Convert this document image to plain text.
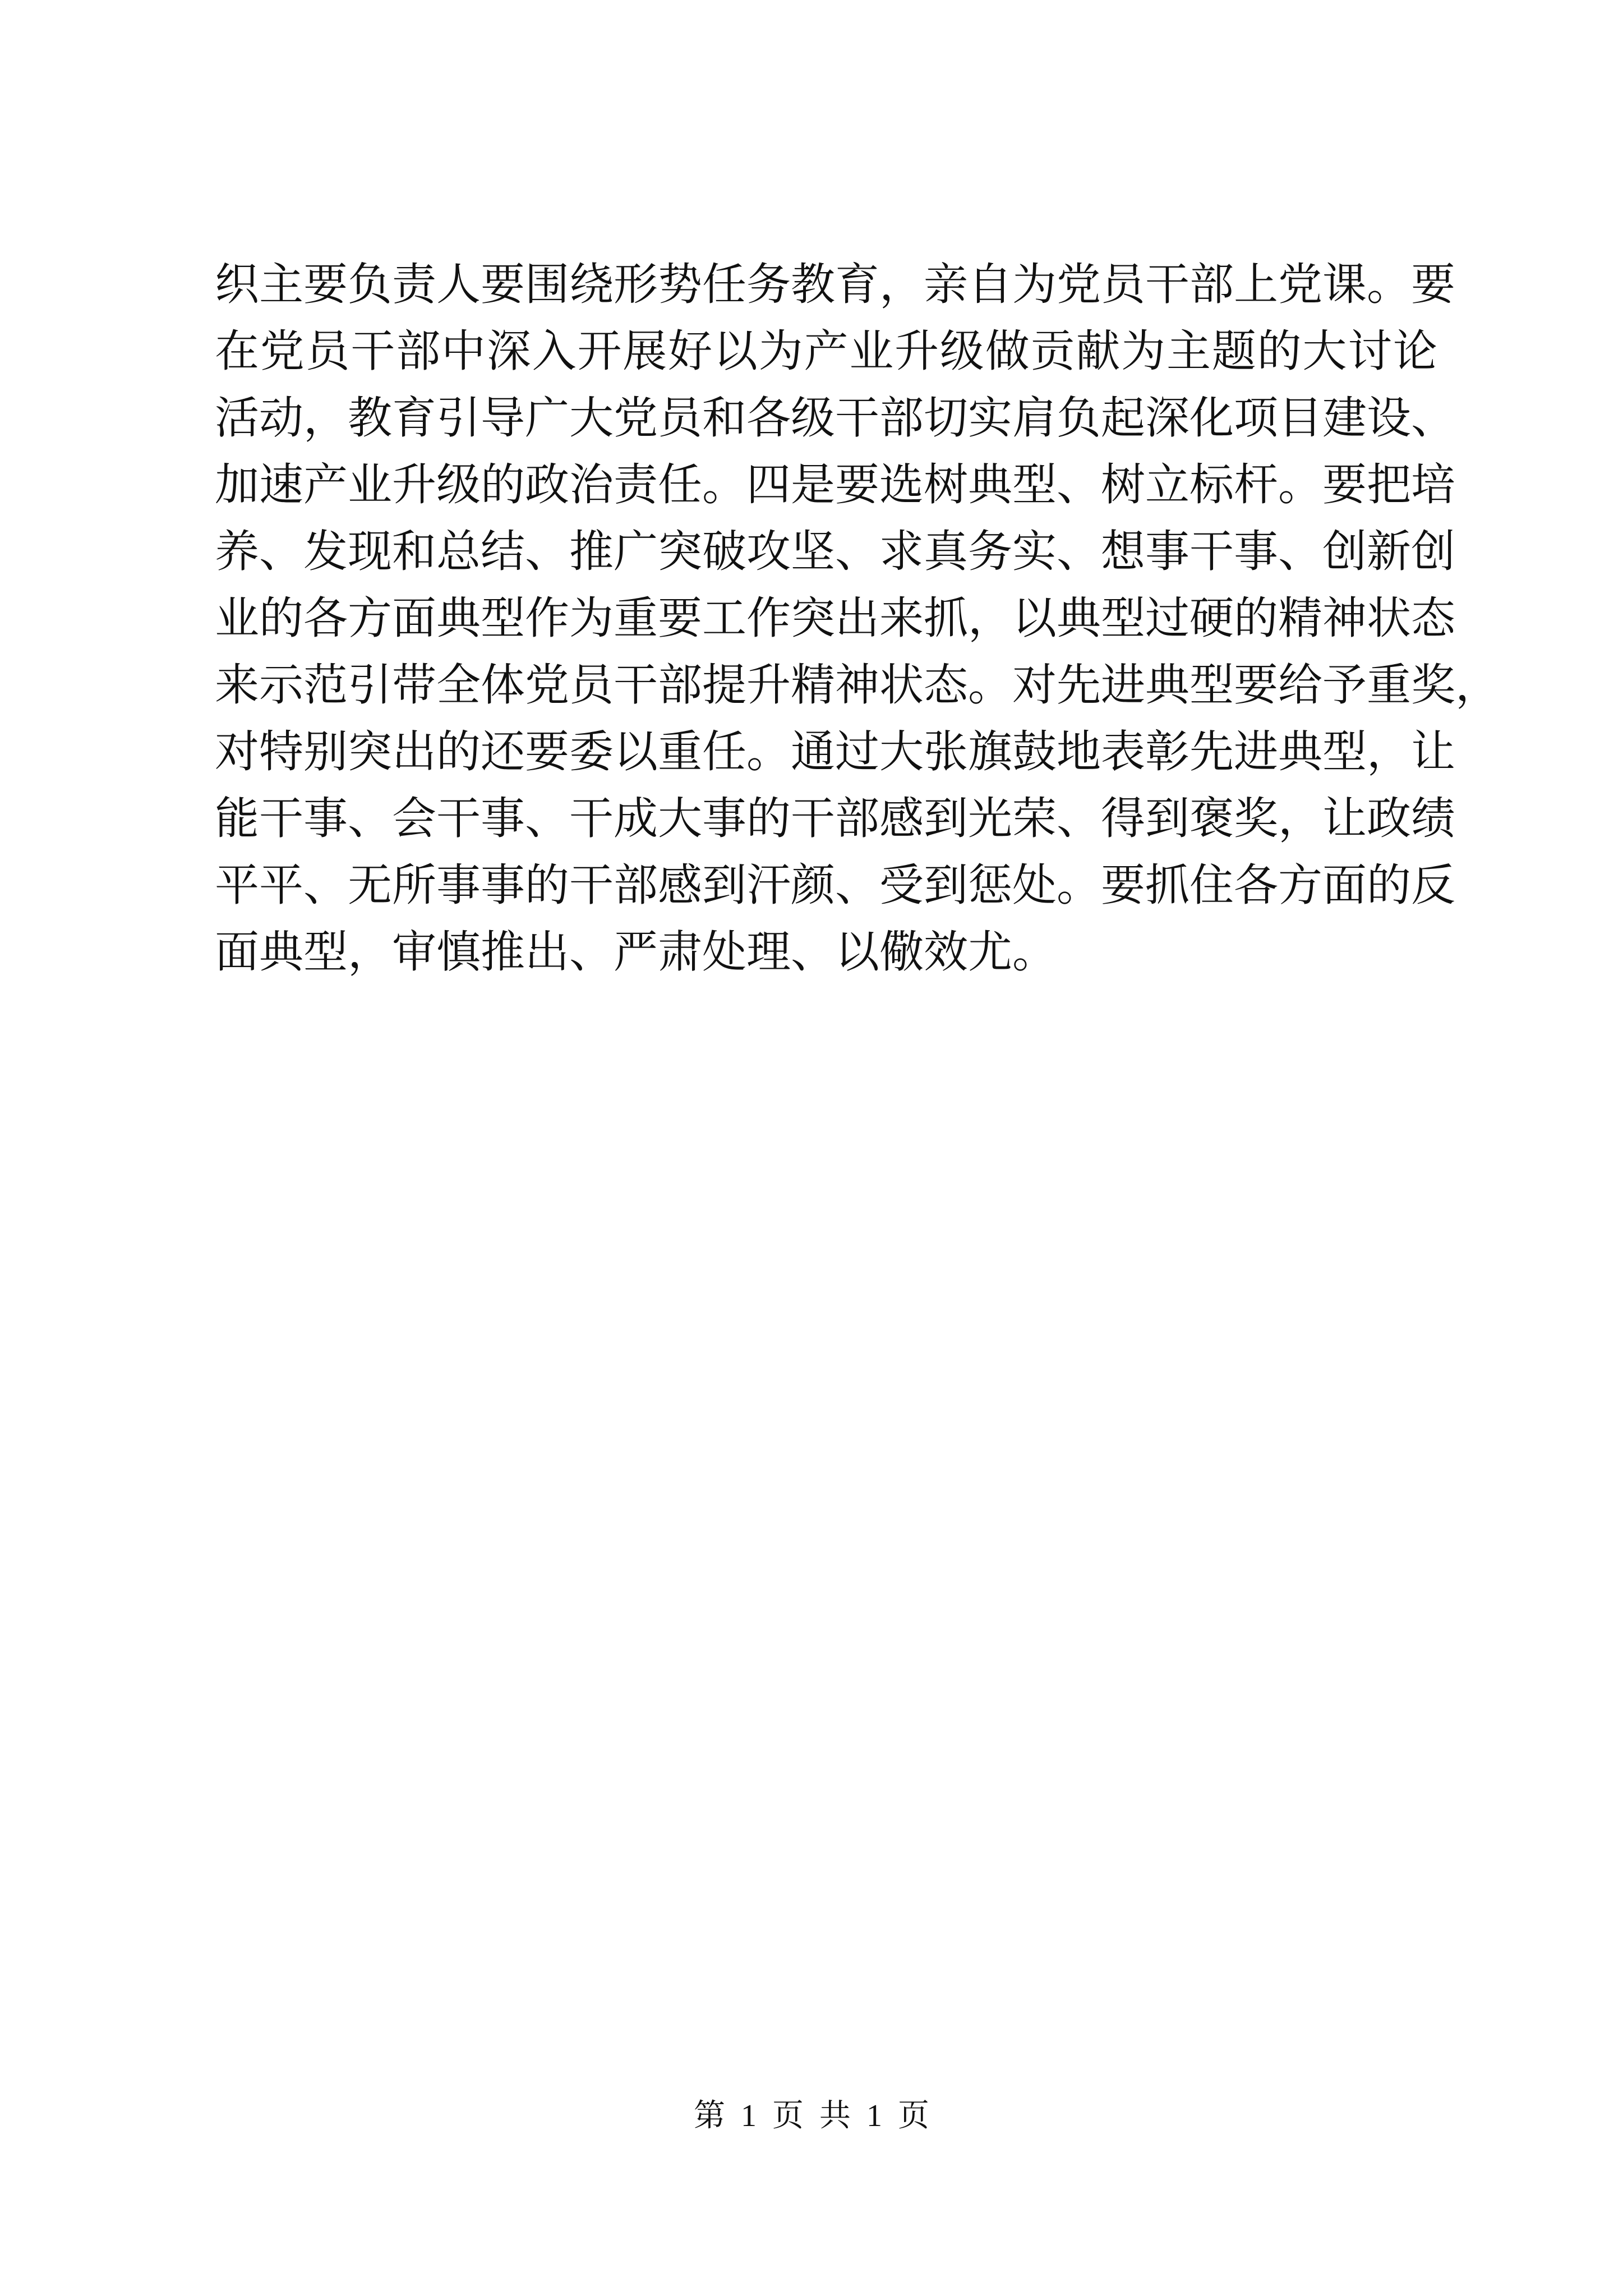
织主要负责人要围绕形势任务教育，亲自为党员干部上党课。要
在党员干部中深入开展好以为产业升级做贡献为主题的大讨论
活动，教育引导广大党员和各级干部切实肩负起深化项目建设、
加速产业升级的政治责任。四是要选树典型、树立标杆。要把培
养、发现和总结、推广突破攻坚、求真务实、想事干事、创新创
业的各方面典型作为重要工作突出来抓，以典型过硬的精神状态
来示范引带全体党员干部提升精神状态。对先进典型要给予重奖，
对特别突出的还要委以重任。通过大张旗鼓地表彰先进典型，让
能干事、会干事、干成大事的干部感到光荣、得到褒奖，让政绩
平平、无所事事的干部感到汗颜、受到惩处。要抓住各方面的反
面典型，审慎推出、严肃处理、以儆效尤。
第 1 页 共 1 页
